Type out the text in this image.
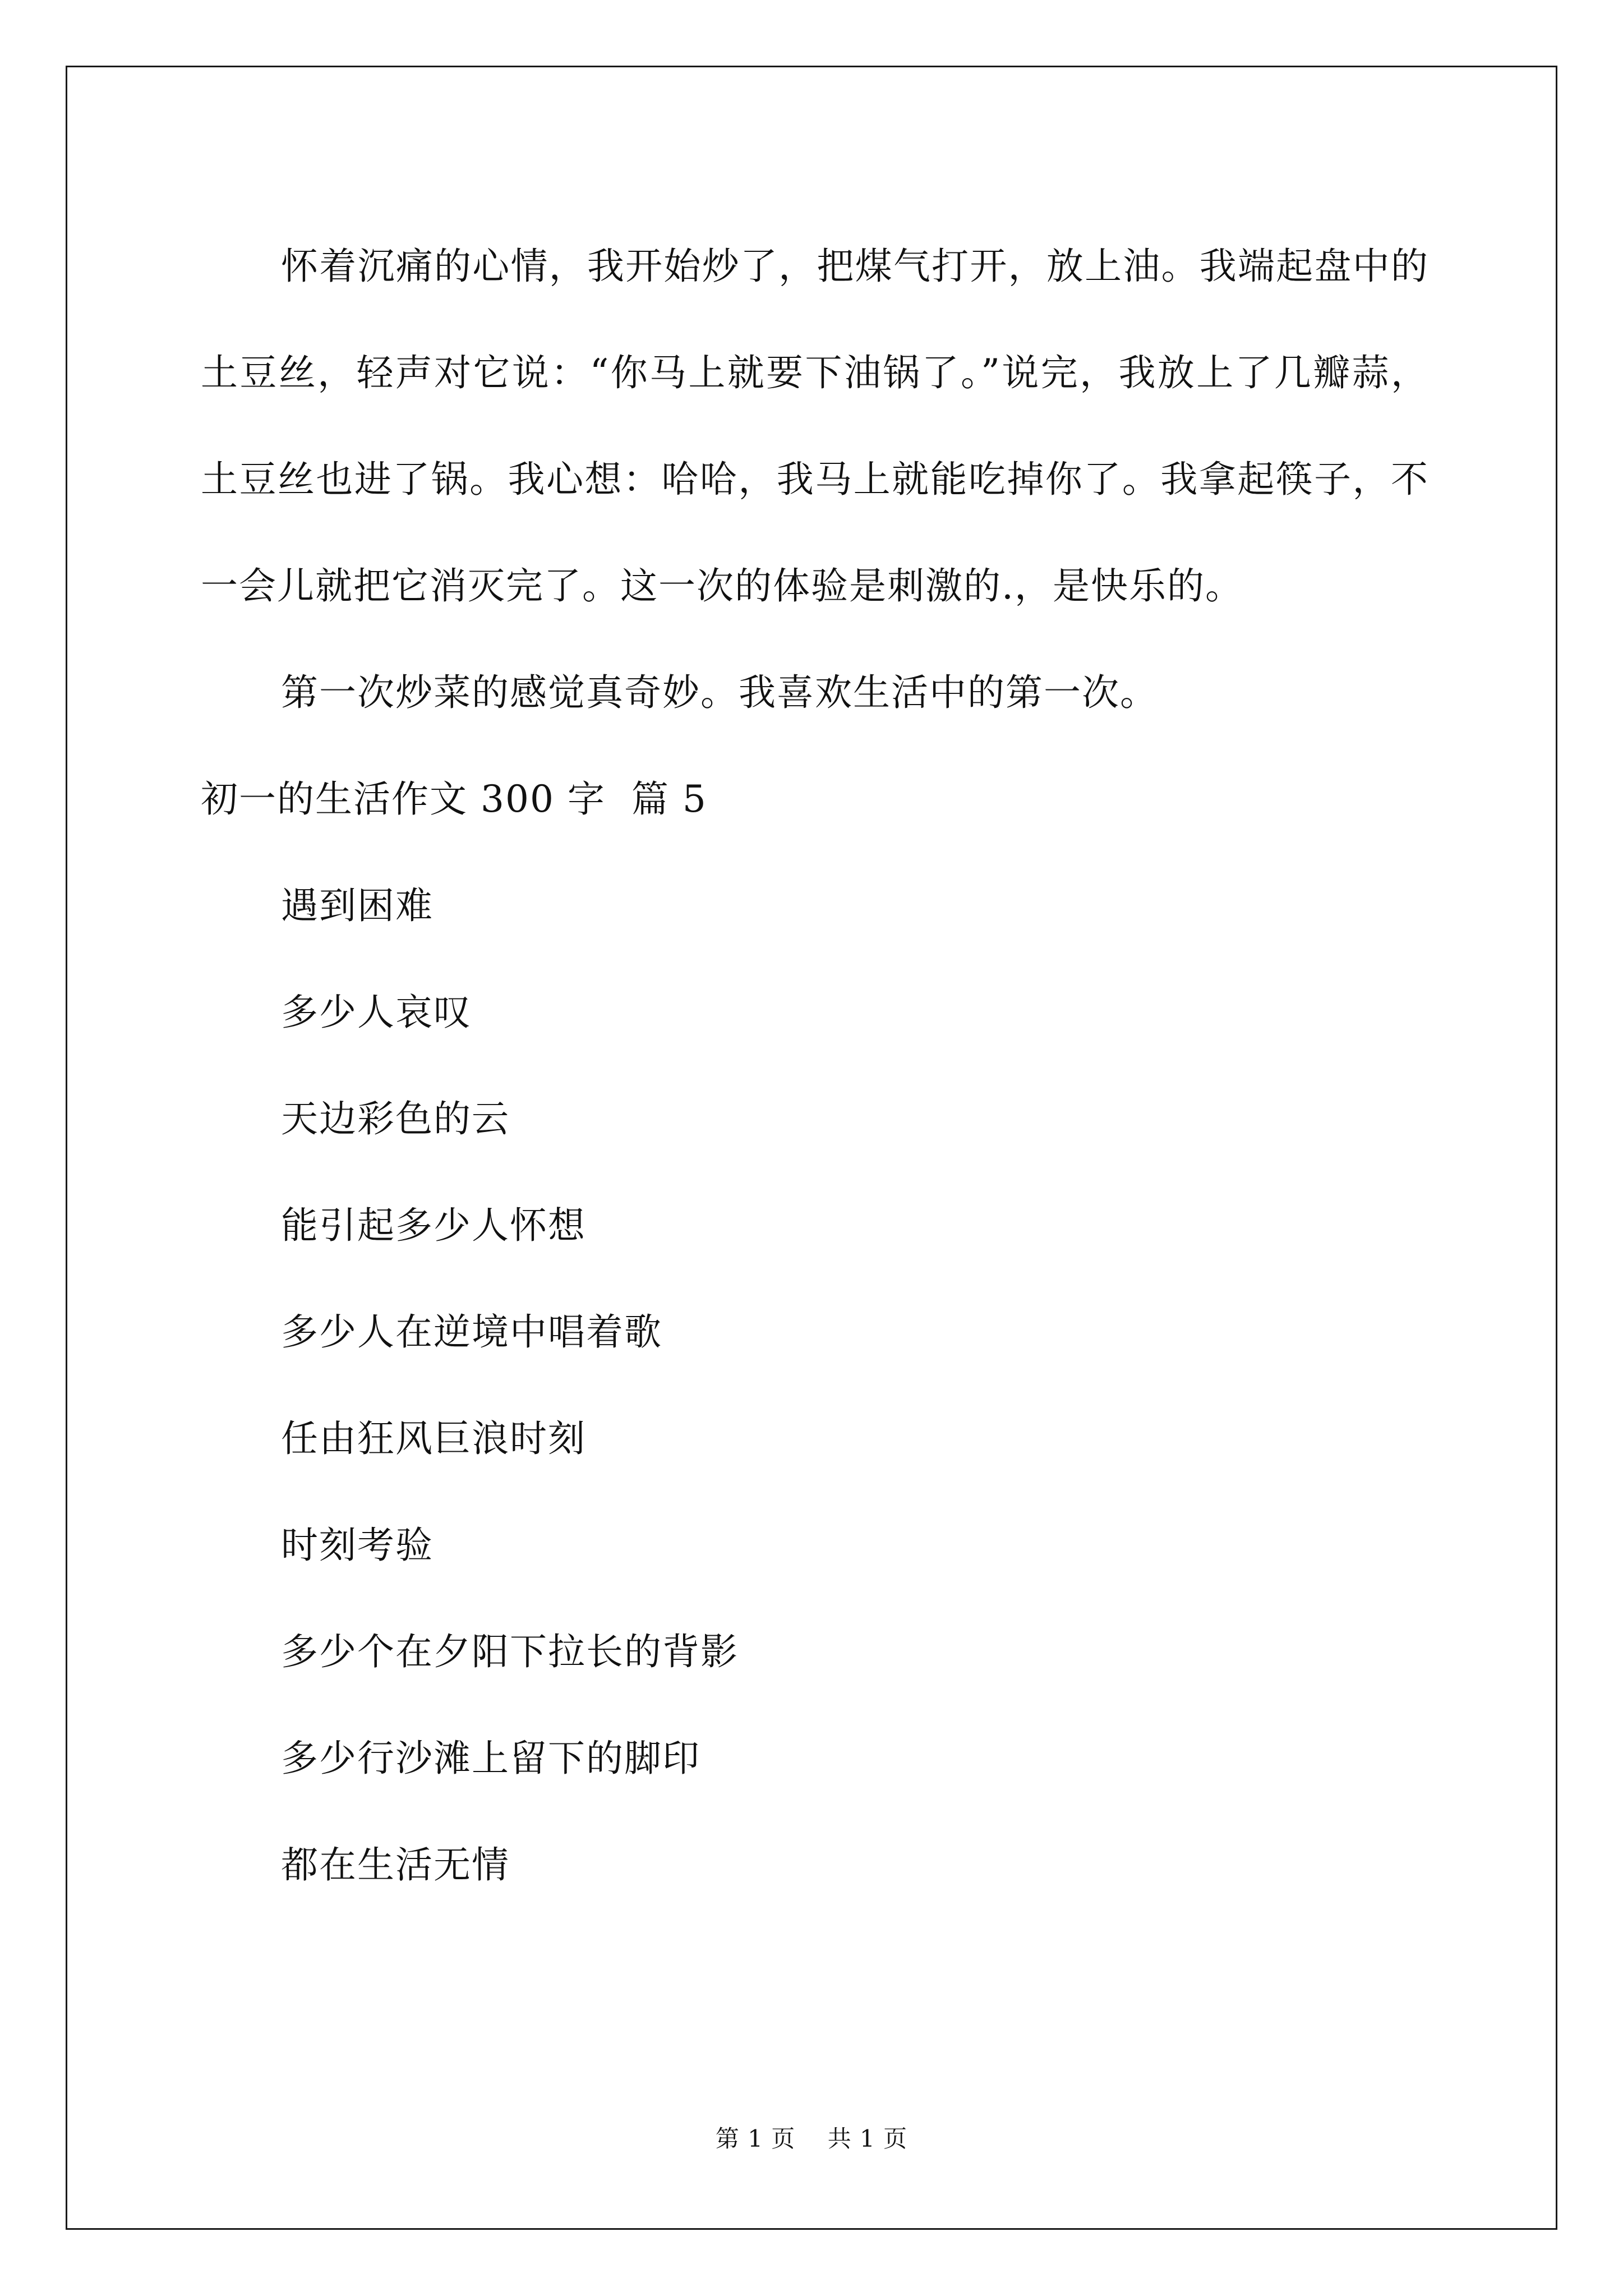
怀着沉痛的心情，我开始炒了，把煤气打开，放上油。我端起盘中的土豆丝，轻声对它说：“你马上就要下油锅了。”说完，我放上了几瓣蒜，土豆丝也进了锅。我心想：哈哈，我马上就能吃掉你了。我拿起筷子，不一会儿就把它消灭完了。这一次的体验是刺激的.，是快乐的。

第一次炒菜的感觉真奇妙。我喜欢生活中的第一次。

初一的生活作文 300 字  篇 5

遇到困难

多少人哀叹

天边彩色的云

能引起多少人怀想

多少人在逆境中唱着歌

任由狂风巨浪时刻

时刻考验

多少个在夕阳下拉长的背影

多少行沙滩上留下的脚印

都在生活无情

第 1 页 共 1 页
